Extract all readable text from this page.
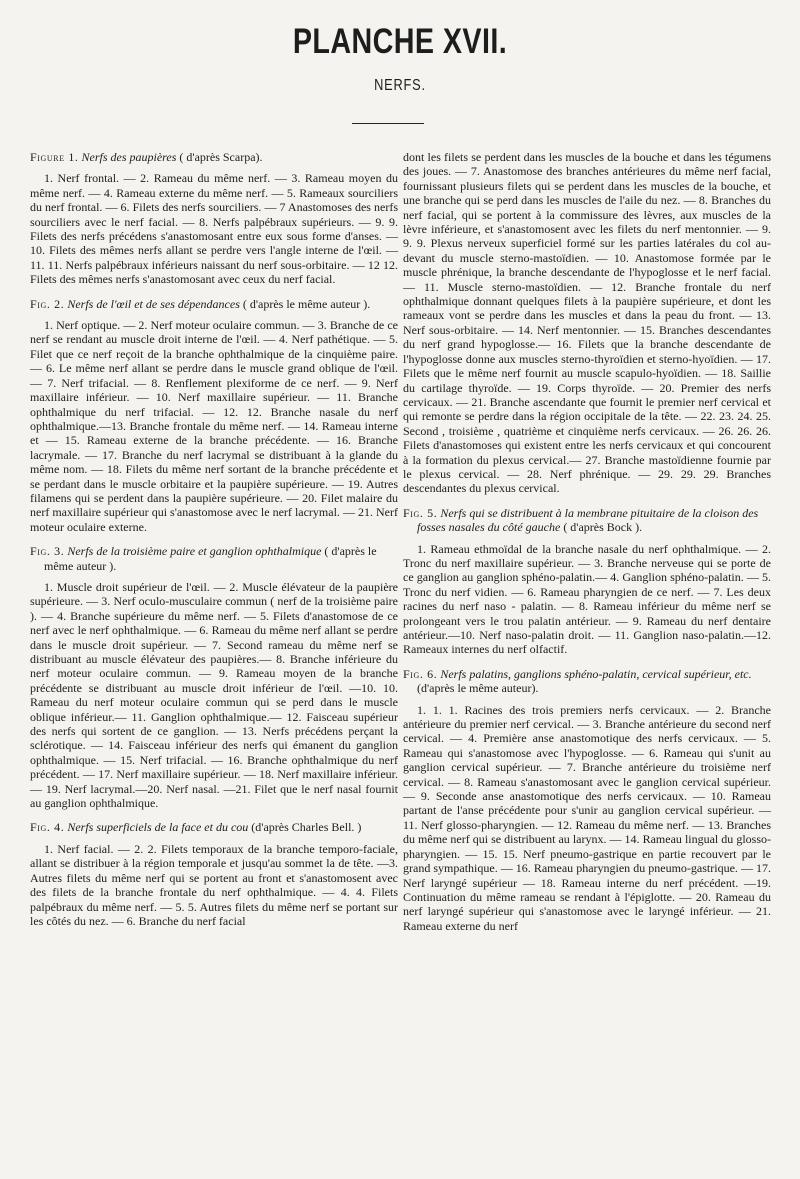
PLANCHE XVII.
NERFS.

Figure 1. Nerfs des paupières ( d'après Scarpa).

1. Nerf frontal. — 2. Rameau du même nerf. — 3. Rameau moyen du même nerf. — 4. Rameau externe du même nerf. — 5. Rameaux sourciliers du nerf frontal. — 6. Filets des nerfs sourciliers. — 7 Anastomoses des nerfs sourciliers avec le nerf facial. — 8. Nerfs palpébraux supérieurs. — 9. 9. Filets des nerfs précédens s'anastomosant entre eux sous forme d'anses. — 10. Filets des mêmes nerfs allant se perdre vers l'angle interne de l'œil. — 11. 11. Nerfs palpébraux inférieurs naissant du nerf sous-orbitaire. — 12 12. Filets des mêmes nerfs s'anastomosant avec ceux du nerf facial.

Fig. 2. Nerfs de l'œil et de ses dépendances ( d'après le même auteur ).

1. Nerf optique. — 2. Nerf moteur oculaire commun. — 3. Branche de ce nerf se rendant au muscle droit interne de l'œil. — 4. Nerf pathétique. — 5. Filet que ce nerf reçoit de la branche ophthalmique de la cinquième paire. — 6. Le même nerf allant se perdre dans le muscle grand oblique de l'œil. — 7. Nerf trifacial. — 8. Renflement plexiforme de ce nerf. — 9. Nerf maxillaire inférieur. — 10. Nerf maxillaire supérieur. — 11. Branche ophthalmique du nerf trifacial. — 12. 12. Branche nasale du nerf ophthalmique.—13. Branche frontale du même nerf. — 14. Rameau interne et — 15. Rameau externe de la branche précédente. — 16. Branche lacrymale. — 17. Branche du nerf lacrymal se distribuant à la glande du même nom. — 18. Filets du même nerf sortant de la branche précédente et se perdant dans le muscle orbitaire et la paupière supérieure. — 19. Autres filamens qui se perdent dans la paupière supérieure. — 20. Filet malaire du nerf maxillaire supérieur qui s'anastomose avec le nerf lacrymal. — 21. Nerf moteur oculaire externe.

Fig. 3. Nerfs de la troisième paire et ganglion ophthalmique ( d'après le même auteur ).

1. Muscle droit supérieur de l'œil. — 2. Muscle élévateur de la paupière supérieure. — 3. Nerf oculo-musculaire commun ( nerf de la troisième paire ). — 4. Branche supérieure du même nerf. — 5. Filets d'anastomose de ce nerf avec le nerf ophthalmique. — 6. Rameau du même nerf allant se perdre dans le muscle droit supérieur. — 7. Second rameau du même nerf se distribuant au muscle élévateur des paupières.— 8. Branche inférieure du nerf moteur oculaire commun. — 9. Rameau moyen de la branche précédente se distribuant au muscle droit inférieur de l'œil. —10. 10. Rameau du nerf moteur oculaire commun qui se perd dans le muscle oblique inférieur.— 11. Ganglion ophthalmique.— 12. Faisceau supérieur des nerfs qui sortent de ce ganglion. — 13. Nerfs précédens perçant la sclérotique. — 14. Faisceau inférieur des nerfs qui émanent du ganglion ophthalmique. — 15. Nerf trifacial. — 16. Branche ophthalmique du nerf précédent. — 17. Nerf maxillaire supérieur. — 18. Nerf maxillaire inférieur.— 19. Nerf lacrymal.—20. Nerf nasal. —21. Filet que le nerf nasal fournit au ganglion ophthalmique.

Fig. 4. Nerfs superficiels de la face et du cou (d'après Charles Bell. )

1. Nerf facial. — 2. 2. Filets temporaux de la branche temporo-faciale, allant se distribuer à la région temporale et jusqu'au sommet la de tête. —3. Autres filets du même nerf qui se portent au front et s'anastomosent avec des filets de la branche frontale du nerf ophthalmique. — 4. 4. Filets palpébraux du même nerf. — 5. 5. Autres filets du même nerf se portant sur les côtés du nez. — 6. Branche du nerf facial

dont les filets se perdent dans les muscles de la bouche et dans les tégumens des joues. — 7. Anastomose des branches antérieures du même nerf facial, fournissant plusieurs filets qui se perdent dans les muscles de la bouche, et une branche qui se perd dans les muscles de l'aile du nez. — 8. Branches du nerf facial, qui se portent à la commissure des lèvres, aux muscles de la lèvre inférieure, et s'anastomosent avec les filets du nerf mentonnier. — 9. 9. 9. Plexus nerveux superficiel formé sur les parties latérales du col au-devant du muscle sterno-mastoïdien. — 10. Anastomose formée par le muscle phrénique, la branche descendante de l'hypoglosse et le nerf facial. — 11. Muscle sterno-mastoïdien. — 12. Branche frontale du nerf ophthalmique donnant quelques filets à la paupière supérieure, et dont les rameaux vont se perdre dans les muscles et dans la peau du front. — 13. Nerf sous-orbitaire. — 14. Nerf mentonnier. — 15. Branches descendantes du nerf grand hypoglosse.— 16. Filets que la branche descendante de l'hypoglosse donne aux muscles sterno-thyroïdien et sterno-hyoïdien. — 17. Filets que le même nerf fournit au muscle scapulo-hyoïdien. — 18. Saillie du cartilage thyroïde. — 19. Corps thyroïde. — 20. Premier des nerfs cervicaux. — 21. Branche ascendante que fournit le premier nerf cervical et qui remonte se perdre dans la région occipitale de la tête. — 22. 23. 24. 25. Second , troisième , quatrième et cinquième nerfs cervicaux. — 26. 26. 26. Filets d'anastomoses qui existent entre les nerfs cervicaux et qui concourent à la formation du plexus cervical.— 27. Branche mastoïdienne fournie par le plexus cervical. — 28. Nerf phrénique. — 29. 29. 29. Branches descendantes du plexus cervical.

Fig. 5. Nerfs qui se distribuent à la membrane pituitaire de la cloison des fosses nasales du côté gauche ( d'après Bock ).

1. Rameau ethmoïdal de la branche nasale du nerf ophthalmique. — 2. Tronc du nerf maxillaire supérieur. — 3. Branche nerveuse qui se porte de ce ganglion au ganglion sphéno-palatin.— 4. Ganglion sphéno-palatin. — 5. Tronc du nerf vidien. — 6. Rameau pharyngien de ce nerf. — 7. Les deux racines du nerf naso - palatin. — 8. Rameau inférieur du même nerf se prolongeant vers le trou palatin antérieur. — 9. Rameau du nerf dentaire antérieur.—10. Nerf naso-palatin droit. — 11. Ganglion naso-palatin.—12. Rameaux internes du nerf olfactif.

Fig. 6. Nerfs palatins, ganglions sphéno-palatin, cervical supérieur, etc. (d'après le même auteur).

1. 1. 1. Racines des trois premiers nerfs cervicaux. — 2. Branche antérieure du premier nerf cervical. — 3. Branche antérieure du second nerf cervical. — 4. Première anse anastomotique des nerfs cervicaux. — 5. Rameau qui s'anastomose avec l'hypoglosse. — 6. Rameau qui s'unit au ganglion cervical supérieur. — 7. Branche antérieure du troisième nerf cervical. — 8. Rameau s'anastomosant avec le ganglion cervical supérieur. — 9. Seconde anse anastomotique des nerfs cervicaux. — 10. Rameau partant de l'anse précédente pour s'unir au ganglion cervical supérieur. — 11. Nerf glosso-pharyngien. — 12. Rameau du même nerf. — 13. Branches du même nerf qui se distribuent au larynx. — 14. Rameau lingual du glosso-pharyngien. — 15. 15. Nerf pneumo-gastrique en partie recouvert par le grand sympathique. — 16. Rameau pharyngien du pneumo-gastrique. — 17. Nerf laryngé supérieur — 18. Rameau interne du nerf précédent. —19. Continuation du même rameau se rendant à l'épiglotte. — 20. Rameau du nerf laryngé supérieur qui s'anastomose avec le laryngé inférieur. — 21. Rameau externe du nerf
